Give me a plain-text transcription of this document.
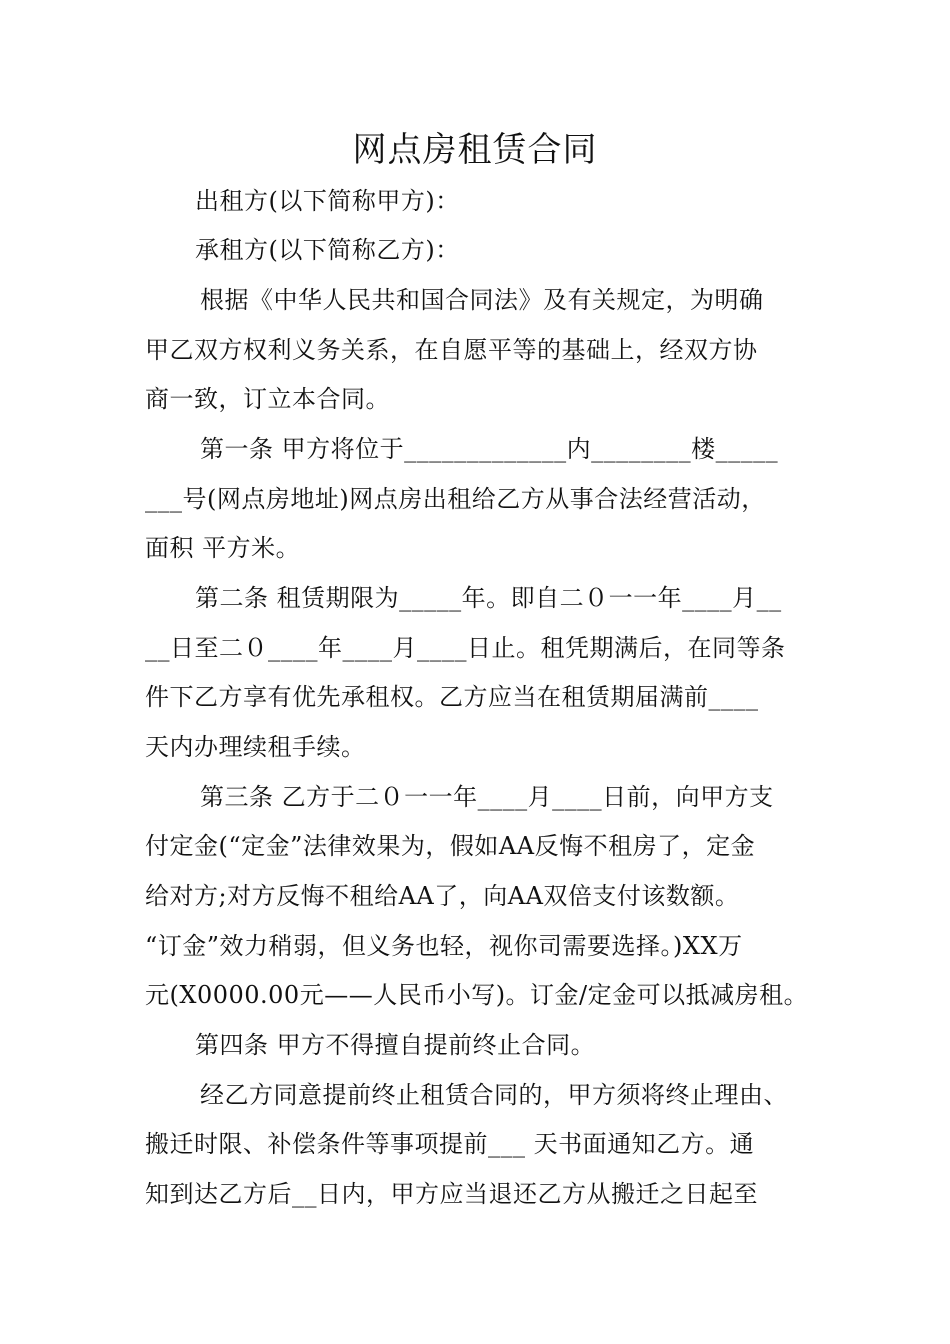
网点房租赁合同
出租方(以下简称甲方)：
承租方(以下简称乙方)：
根据《中华人民共和国合同法》及有关规定，为明确
甲乙双方权利义务关系，在自愿平等的基础上，经双方协
商一致，订立本合同。
第一条 甲方将位于_____________内________楼_____
___号(网点房地址)网点房出租给乙方从事合法经营活动，
面积 平方米。
第二条 租赁期限为_____年。即自二０一一年____月__
__日至二０____年____月____日止。租凭期满后，在同等条
件下乙方享有优先承租权。乙方应当在租赁期届满前____
天内办理续租手续。
第三条 乙方于二０一一年____月____日前，向甲方支
付定金(“定金”法律效果为，假如AA反悔不租房了，定金
给对方;对方反悔不租给AA了，向AA双倍支付该数额。
“订金”效力稍弱，但义务也轻，视你司需要选择。)XX万
元(X0000.00元——人民币小写)。订金/定金可以抵减房租。
第四条 甲方不得擅自提前终止合同。
经乙方同意提前终止租赁合同的，甲方须将终止理由、
搬迁时限、补偿条件等事项提前___ 天书面通知乙方。通
知到达乙方后__日内，甲方应当退还乙方从搬迁之日起至
